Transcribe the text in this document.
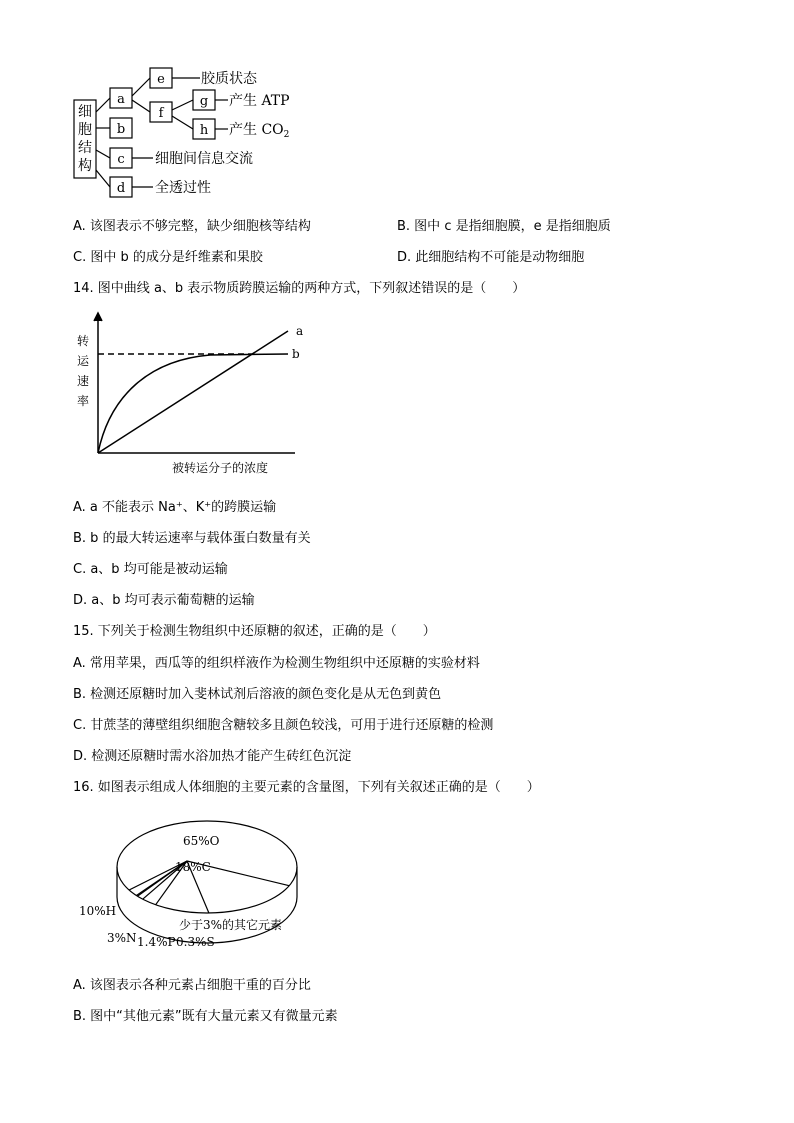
a
b
c
d
e
f
g
h
胶质状态
产生 ATP
产生 $CO_2$
细胞间信息交流
全透过性
细胞结构
A. 该图表示不够完整，缺少细胞核等结构	B. 图中 c 是指细胞膜，e 是指细胞质
C. 图中 b 的成分是纤维素和果胶	D. 此细胞结构不可能是动物细胞
14. 图中曲线 a、b 表示物质跨膜运输的两种方式，下列叙述错误的是（　　）
转
运
速
率
被转运分子的浓度
a
b
A. a 不能表示 Na⁺、K⁺的跨膜运输
B. b 的最大转运速率与载体蛋白数量有关
C. a、b 均可能是被动运输
D. a、b 均可表示葡萄糖的运输
15. 下列关于检测生物组织中还原糖的叙述，正确的是（　　）
A. 常用苹果，西瓜等的组织样液作为检测生物组织中还原糖的实验材料
B. 检测还原糖时加入斐林试剂后溶液的颜色变化是从无色到黄色
C. 甘蔗茎的薄壁组织细胞含糖较多且颜色较浅，可用于进行还原糖的检测
D. 检测还原糖时需水浴加热才能产生砖红色沉淀
16. 如图表示组成人体细胞的主要元素的含量图，下列有关叙述正确的是（　　）
65%O
18%C
10%H
3%N 1.4%P 0.3%S
少于3%的其它元素
A. 该图表示各种元素占细胞干重的百分比
B. 图中“其他元素”既有大量元素又有微量元素
